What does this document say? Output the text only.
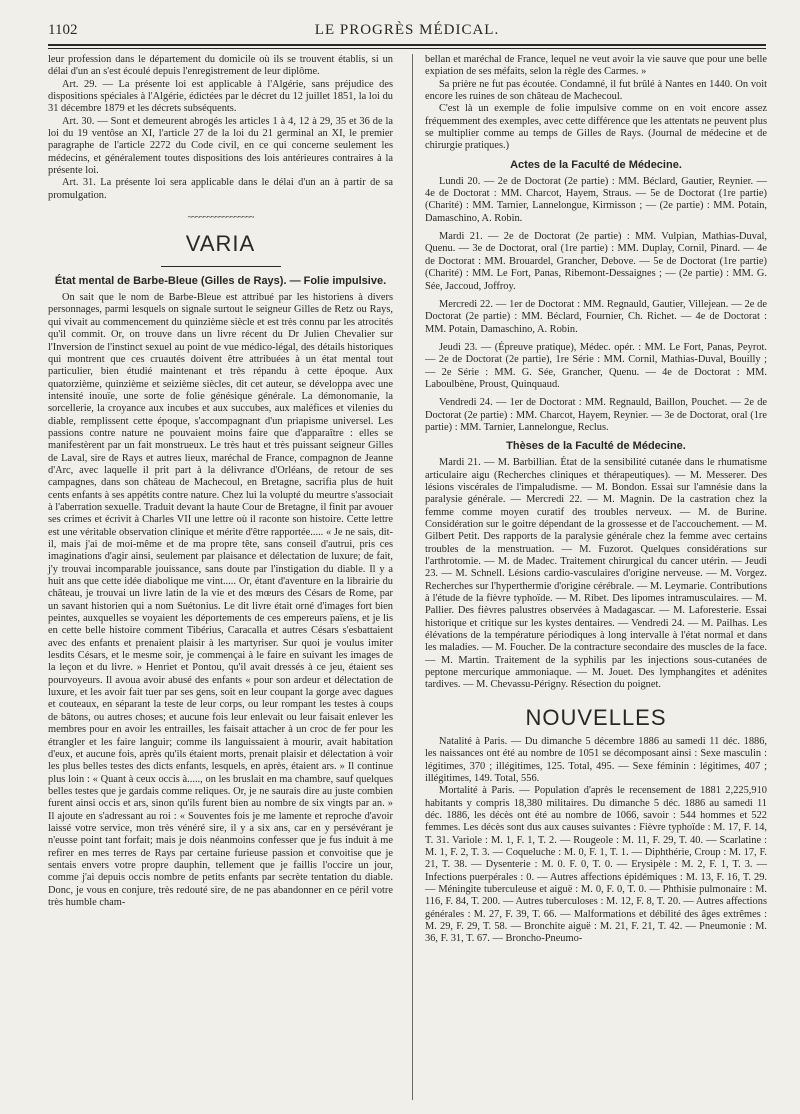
1102	LE PROGRÈS MÉDICAL.

leur profession dans le département du domicile où ils se trouvent établis, si un délai d'un an s'est écoulé depuis l'enregistrement de leur diplôme.

Art. 29. — La présente loi est applicable à l'Algérie, sans préjudice des dispositions spéciales à l'Algérie, édictées par le décret du 12 juillet 1851, la loi du 31 décembre 1879 et les décrets subséquents.

Art. 30. — Sont et demeurent abrogés les articles 1 à 4, 12 à 29, 35 et 36 de la loi du 19 ventôse an XI, l'article 27 de la loi du 21 germinal an XI, le premier paragraphe de l'article 2272 du Code civil, en ce qui concerne seulement les médecins, et généralement toutes dispositions des lois antérieures contraires à la présente loi.

Art. 31. La présente loi sera applicable dans le délai d'un an à partir de sa promulgation.

~~~~~~~~~~~~~~~~~
VARIA
État mental de Barbe-Bleue (Gilles de Rays). — Folie impulsive.

On sait que le nom de Barbe-Bleue est attribué par les historiens à divers personnages, parmi lesquels on signale surtout le seigneur Gilles de Retz ou Rays, qui vivait au commencement du quinzième siècle et est très connu par les atrocités qu'il commit. Or, on trouve dans un livre récent du Dr Julien Chevalier sur l'Inversion de l'instinct sexuel au point de vue médico-légal, des détails historiques qui montrent que ces cruautés doivent être attribuées à un état mental tout particulier, bien étudié maintenant et très répandu à cette époque. Aux quatorzième, quinzième et seizième siècles, dit cet auteur, se développa avec une intensité inouïe, une sorte de folie génésique générale. La démonomanie, la sorcellerie, la croyance aux incubes et aux succubes, aux maléfices et vilenies du diable, remplissent cette époque, s'accompagnant d'un priapisme universel. Les passions contre nature ne pouvaient moins faire que d'apparaître : elles se manifestèrent par un fait monstrueux. Le très haut et très puissant seigneur Gilles de Laval, sire de Rays et autres lieux, maréchal de France, compagnon de Jeanne d'Arc, avec laquelle il prit part à la délivrance d'Orléans, de retour de ses campagnes, dans son château de Machecoul, en Bretagne, sacrifia plus de huit cents enfants à ses appétits contre nature. Chez lui la volupté du meurtre s'associait à l'aberration sexuelle. Traduit devant la haute Cour de Bretagne, il finit par avouer ses crimes et écrivit à Charles VII une lettre où il raconte son histoire. Cette lettre est une véritable observation clinique et mérite d'être rapportée..... « Je ne sais, dit-il, mais j'ai de moi-même et de ma propre tête, sans conseil d'autrui, pris ces imaginations d'agir ainsi, seulement par plaisance et délectation de luxure; de fait, j'y trouvai incomparable jouissance, sans doute par l'instigation du diable. Il y a huit ans que cette idée diabolique me vint..... Or, étant d'aventure en la librairie du château, je trouvai un livre latin de la vie et des mœurs des Césars de Rome, par un savant historien qui a nom Suétonius. Le dit livre était orné d'images fort bien peintes, auxquelles se voyaient les déportements de ces empereurs païens, et je lis en cette belle histoire comment Tibérius, Caracalla et autres Césars s'esbattaient avec des enfants et prenaient plaisir à les martyriser. Sur quoi je voulus imiter lesdits Césars, et le mesme soir, je commençai à le faire en suivant les images de la leçon et du livre. » Henriet et Pontou, qu'il avait dressés à ce jeu, étaient ses pourvoyeurs. Il avoua avoir abusé des enfants « pour son ardeur et délectation de luxure, et les avoir fait tuer par ses gens, soit en leur coupant la gorge avec dagues et couteaux, en séparant la teste de leur corps, ou leur rompant les testes à coups de bâtons, ou autres choses; et aucune fois leur enlevait ou leur faisait enlever les membres pour en avoir les entrailles, les faisait attacher à un croc de fer pour les étrangler et les faire languir; comme ils languissaient à mourir, avait habitation d'eux, et aucune fois, après qu'ils étaient morts, prenait plaisir et délectation à voir les plus belles testes des dicts enfants, lesquels, en après, étaient ars. » Il continue plus loin : « Quant à ceux occis à....., on les bruslait en ma chambre, sauf quelques belles testes que je gardais comme reliques. Or, je ne saurais dire au juste combien furent ainsi occis et ars, sinon qu'ils furent bien au nombre de six vingts par an. » Il ajoute en s'adressant au roi : « Souventes fois je me lamente et reproche d'avoir laissé votre service, mon très vénéré sire, il y a six ans, car en y persévérant je n'eusse point tant forfait; mais je dois néanmoins confesser que je fus induit à me refirer en mes terres de Rays par certaine furieuse passion et convoitise que je sentais envers votre propre dauphin, tellement que je faillis l'occire un jour, comme j'ai depuis occis nombre de petits enfants par secrète tentation du diable. Donc, je vous en conjure, très redouté sire, de ne pas abandonner en ce péril votre très humble cham-

bellan et maréchal de France, lequel ne veut avoir la vie sauve que pour une belle expiation de ses méfaits, selon la règle des Carmes. »

Sa prière ne fut pas écoutée. Condamné, il fut brûlé à Nantes en 1440. On voit encore les ruines de son château de Machecoul.

C'est là un exemple de folie impulsive comme on en voit encore assez fréquemment des exemples, avec cette différence que les attentats ne peuvent plus se multiplier comme au temps de Gilles de Rays. (Journal de médecine et de chirurgie pratiques.)

Actes de la Faculté de Médecine.

Lundi 20. — 2e de Doctorat (2e partie) : MM. Béclard, Gautier, Reynier. — 4e de Doctorat : MM. Charcot, Hayem, Straus. — 5e de Doctorat (1re partie) (Charité) : MM. Tarnier, Lannelongue, Kirmisson ; — (2e partie) : MM. Potain, Damaschino, A. Robin.

Mardi 21. — 2e de Doctorat (2e partie) : MM. Vulpian, Mathias-Duval, Quenu. — 3e de Doctorat, oral (1re partie) : MM. Duplay, Cornil, Pinard. — 4e de Doctorat : MM. Brouardel, Grancher, Debove. — 5e de Doctorat (1re partie) (Charité) : MM. Le Fort, Panas, Ribemont-Dessaignes ; — (2e partie) : MM. G. Sée, Jaccoud, Joffroy.

Mercredi 22. — 1er de Doctorat : MM. Regnauld, Gautier, Villejean. — 2e de Doctorat (2e partie) : MM. Béclard, Fournier, Ch. Richet. — 4e de Doctorat : MM. Potain, Damaschino, A. Robin.

Jeudi 23. — (Épreuve pratique), Médec. opér. : MM. Le Fort, Panas, Peyrot. — 2e de Doctorat (2e partie), 1re Série : MM. Cornil, Mathias-Duval, Bouilly ; — 2e Série : MM. G. Sée, Grancher, Quenu. — 4e de Doctorat : MM. Laboulbène, Proust, Quinquaud.

Vendredi 24. — 1er de Doctorat : MM. Regnauld, Baillon, Pouchet. — 2e de Doctorat (2e partie) : MM. Charcot, Hayem, Reynier. — 3e de Doctorat, oral (1re partie) : MM. Tarnier, Lannelongue, Reclus.

Thèses de la Faculté de Médecine.

Mardi 21. — M. Barbillian. État de la sensibilité cutanée dans le rhumatisme articulaire aigu (Recherches cliniques et thérapeutiques). — M. Messerer. Des lésions viscérales de l'impaludisme. — M. Bondon. Essai sur l'amnésie dans la paralysie générale. — Mercredi 22. — M. Magnin. De la castration chez la femme comme moyen curatif des troubles nerveux. — M. de Burine. Considération sur le goitre dépendant de la grossesse et de l'accouchement. — M. Gilbert Petit. Des rapports de la paralysie générale chez la femme avec certains troubles de la menstruation. — M. Fuzorot. Quelques considérations sur l'arthrotomie. — M. de Madec. Traitement chirurgical du cancer utérin. — Jeudi 23. — M. Schnell. Lésions cardio-vasculaires d'origine nerveuse. — M. Vorgez. Recherches sur l'hyperthermie d'origine cérébrale. — M. Leymarie. Contributions à l'étude de la fièvre typhoïde. — M. Ribet. Des lipomes intramusculaires. — M. Pallier. Des fièvres palustres observées à Madagascar. — M. Laforesterie. Essai historique et critique sur les kystes dentaires. — Vendredi 24. — M. Pailhas. Les élévations de la température périodiques à long intervalle à l'état normal et dans les maladies. — M. Foucher. De la contracture secondaire des muscles de la face. — M. Martin. Traitement de la syphilis par les injections sous-cutanées de peptone mercurique ammoniaque. — M. Jouet. Des lymphangites et adénites tardives. — M. Chevassu-Périgny. Résection du poignet.

NOUVELLES

Natalité à Paris. — Du dimanche 5 décembre 1886 au samedi 11 déc. 1886, les naissances ont été au nombre de 1051 se décomposant ainsi : Sexe masculin : légitimes, 370 ; illégitimes, 125. Total, 495. — Sexe féminin : légitimes, 407 ; illégitimes, 149. Total, 556.

Mortalité à Paris. — Population d'après le recensement de 1881 2,225,910 habitants y compris 18,380 militaires. Du dimanche 5 déc. 1886 au samedi 11 déc. 1886, les décès ont été au nombre de 1066, savoir : 544 hommes et 522 femmes. Les décès sont dus aux causes suivantes : Fièvre typhoïde : M. 17, F. 14, T. 31. Variole : M. 1, F. 1, T. 2. — Rougeole : M. 11, F. 29, T. 40. — Scarlatine : M. 1, F. 2, T. 3. — Coqueluche : M. 0, F. 1, T. 1. — Diphthérie, Croup : M. 17, F. 21, T. 38. — Dysenterie : M. 0. F. 0, T. 0. — Erysipèle : M. 2, F. 1, T. 3. — Infections puerpérales : 0. — Autres affections épidémiques : M. 13, F. 16, T. 29. — Méningite tuberculeuse et aiguë : M. 0, F. 0, T. 0. — Phthisie pulmonaire : M. 116, F. 84, T. 200. — Autres tuberculoses : M. 12, F. 8, T. 20. — Autres affections générales : M. 27, F. 39, T. 66. — Malformations et débilité des âges extrêmes : M. 29, F. 29, T. 58. — Bronchite aiguë : M. 21, F. 21, T. 42. — Pneumonie : M. 36, F. 31, T. 67. — Broncho-Pneumo-
